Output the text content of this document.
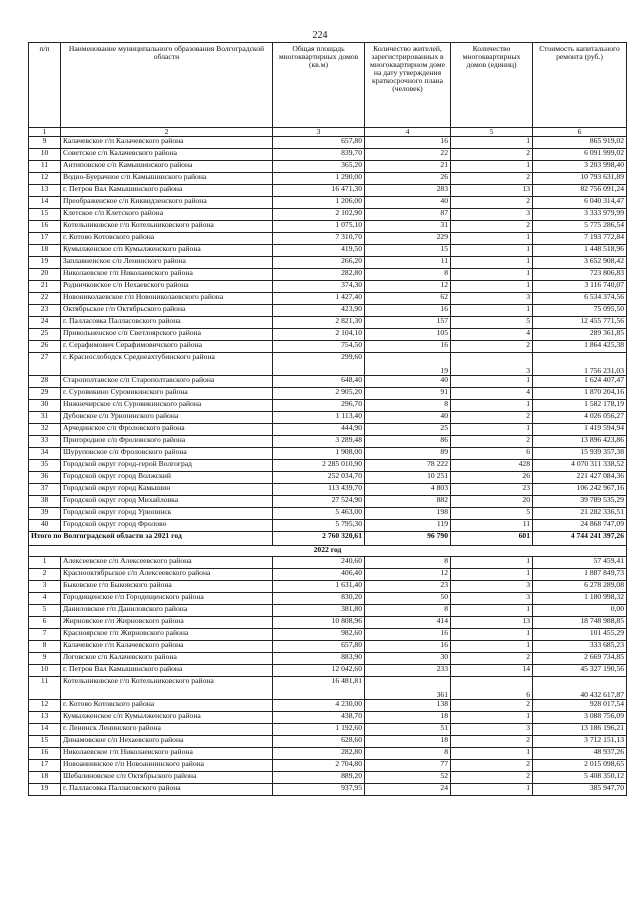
224
п/п	Наименование муниципального образования Волгоградской области	Общая площадь многоквартирных домов (кв.м)	Количество жителей, зарегистрированных в многоквартирном доме на дату утверждения краткосрочного плана (человек)	Количество многоквартирных домов (единиц)	Стоимость капитального ремонта (руб.)
1	2	3	4	5	6
9	Калачевское г/п Калачевского района	657,80	16	1	865 919,02
10	Советское с/п Калачевского района	839,70	22	2	6 091 999,02
11	Антиповское с/п Камышинского района	365,20	21	1	3 203 998,40
12	Водно-Буерачное с/п Камышинского района	1 290,00	26	2	10 793 631,89
13	г. Петров Вал Камышинского района	16 471,30	283	13	82 756 091,24
14	Преображенское с/п Киквидзенского района	1 206,00	40	2	6 040 314,47
15	Клетское с/п Клетского района	2 102,90	87	3	3 333 979,99
16	Котельниковское г/п Котельниковского района	1 075,10	31	2	5 775 286,54
17	г. Котово Котовского района	7 310,70	229	1	7 193 772,84
18	Кумылженское с/п Кумылженского района	419,50	15	1	1 448 518,96
19	Заплавненское с/п Ленинского района	266,20	11	1	3 652 908,42
20	Николаевское г/п Николаевского района	282,80	8	1	723 806,83
21	Родничковское с/п Нехаевского района	374,30	12	1	3 116 740,07
22	Новониколаевское г/п Новониколаевского района	1 427,40	62	3	6 534 374,56
23	Октябрьское г/п Октябрьского района	423,90	16	1	75 095,50
24	г. Палласовка Палласовского района	2 821,30	157	5	12 455 771,56
25	Привольненское с/п Светлоярского района	2 104,10	105	4	289 361,85
26	г. Серафимович Серафимовичского района	754,50	16	2	1 864 425,38
27	г. Краснослободск Среднеахтубинского района	299,60	19	3	1 756 231,03
28	Старополтавское с/п Старополтавского района	648,40	40	1	1 624 407,47
29	г. Суровикино Суровикинского района	2 905,20	91	4	1 870 204,16
30	Нижнечирское с/п Суровикинского района	296,70	8	1	1 582 178,19
31	Дубовское с/п Урюпинского района	1 113,40	40	2	4 026 056,27
32	Арчединское с/п Фроловского района	444,90	25	1	1 419 594,94
33	Пригородное с/п Фроловского района	3 289,48	86	2	13 896 423,86
34	Шуруповское с/п Фроловского района	1 908,00	89	6	15 939 357,38
35	Городской округ город-герой Волгоград	2 285 010,90	78 222	428	4 070 311 338,52
36	Городской округ город Волжский	252 034,70	10 251	26	221 427 084,36
37	Городской округ город Камышин	113 439,70	4 803	23	106 242 967,16
38	Городской округ город Михайловка	27 524,90	882	20	39 789 535,29
39	Городской округ город Урюпинск	5 463,00	198	5	21 282 336,51
40	Городской округ город Фролово	5 795,30	119	11	24 868 747,09
Итого по Волгоградской области за 2021 год		2 760 320,61	96 790	601	4 744 241 397,26
2022 год					
1	Алексеевское с/п Алексеевского района	240,60	8	1	57 459,41
2	Краснооктябрьское с/п Алексеевского района	406,40	12	1	1 887 849,73
3	Быковское г/п Быковского района	1 631,40	23	3	6 278 289,08
4	Городищенское г/п Городищенского района	830,20	50	3	1 180 998,32
5	Даниловское г/п Даниловского района	381,80	8	1	0,00
6	Жирновское г/п Жирновского района	10 808,96	414	13	18 748 988,85
7	Красноярское г/п Жирновского района	982,60	16	1	101 455,29
8	Калачевское г/п Калачевского района	657,80	16	1	333 685,23
9	Логовское с/п Калачевского района	883,90	30	2	2 669 734,85
10	г. Петров Вал Камышинского района	12 042,60	233	14	45 327 190,56
11	Котельниковское г/п Котельниковского района	16 481,81	361	6	40 432 617,87
12	г. Котово Котовского района	4 230,00	138	2	928 017,54
13	Кумылженское с/п Кумылженского района	438,70	18	1	3 088 756,09
14	г. Ленинск Ленинского района	1 192,60	51	3	13 186 196,21
15	Динамовское с/п Нехаевского района	628,60	18	2	3 712 151,13
16	Николаевское г/п Николаевского района	282,80	8	1	48 937,26
17	Новоаннинское г/п Новоаннинского района	2 704,80	77	2	2 015 098,65
18	Шебалиновское с/п Октябрьского района	889,20	52	2	5 408 350,12
19	г. Палласовка Палласовского района	937,95	24	1	385 947,70
